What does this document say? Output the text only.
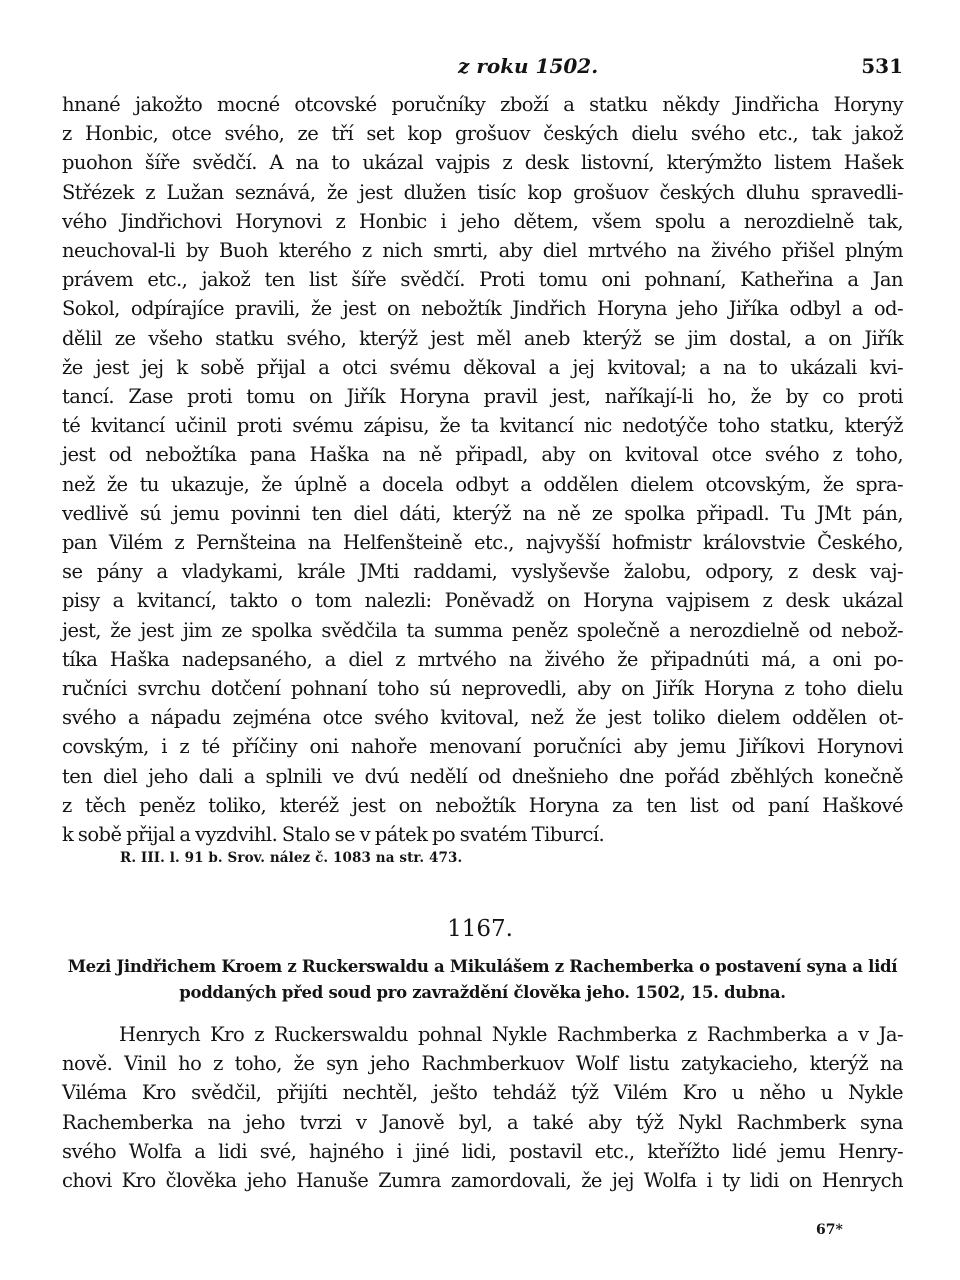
z roku 1502.	531
hnané jakožto mocné otcovské poručníky zboží a statku někdy Jindřicha Horyny
z Honbic, otce svého, ze tří set kop grošuov českých dielu svého etc., tak jakož
puohon šíře svědčí. A na to ukázal vajpis z desk listovní, kterýmžto listem Hašek
Střézek z Lužan seznává, že jest dlužen tisíc kop grošuov českých dluhu spravedli-
vého Jindřichovi Horynovi z Honbic i jeho dětem, všem spolu a nerozdielně tak,
neuchoval-li by Buoh kterého z nich smrti, aby diel mrtvého na živého přišel plným
právem etc., jakož ten list šíře svědčí. Proti tomu oni pohnaní, Katheřina a Jan
Sokol, odpírajíce pravili, že jest on nebožtík Jindřich Horyna jeho Jiříka odbyl a od-
dělil ze všeho statku svého, kterýž jest měl aneb kterýž se jim dostal, a on Jiřík
že jest jej k sobě přijal a otci svému děkoval a jej kvitoval; a na to ukázali kvi-
tancí. Zase proti tomu on Jiřík Horyna pravil jest, naříkají-li ho, že by co proti
té kvitancí učinil proti svému zápisu, že ta kvitancí nic nedotýče toho statku, kterýž
jest od nebožtíka pana Haška na ně připadl, aby on kvitoval otce svého z toho,
než že tu ukazuje, že úplně a docela odbyt a oddělen dielem otcovským, že spra-
vedlivě sú jemu povinni ten diel dáti, kterýž na ně ze spolka připadl. Tu JMt pán,
pan Vilém z Pernšteina na Helfenšteině etc., najvyšší hofmistr královstvie Českého,
se pány a vladykami, krále JMti raddami, vyslyševše žalobu, odpory, z desk vaj-
pisy a kvitancí, takto o tom nalezli: Poněvadž on Horyna vajpisem z desk ukázal
jest, že jest jim ze spolka svědčila ta summa peněz společně a nerozdielně od nebož-
tíka Haška nadepsaného, a diel z mrtvého na živého že připadnúti má, a oni po-
ručníci svrchu dotčení pohnaní toho sú neprovedli, aby on Jiřík Horyna z toho dielu
svého a nápadu zejména otce svého kvitoval, než že jest toliko dielem oddělen ot-
covským, i z té příčiny oni nahoře menovaní poručníci aby jemu Jiříkovi Horynovi
ten diel jeho dali a splnili ve dvú nedělí od dnešnieho dne pořád zběhlých konečně
z těch peněz toliko, kteréž jest on nebožtík Horyna za ten list od paní Haškové
k sobě přijal a vyzdvihl. Stalo se v pátek po svatém Tiburcí.

R. III. l. 91 b. Srov. nález č. 1083 na str. 473.

1167.

Mezi Jindřichem Kroem z Ruckerswaldu a Mikulášem z Rachemberka o postavení syna a lidí
poddaných před soud pro zavraždění člověka jeho. 1502, 15. dubna.
Henrych Kro z Ruckerswaldu pohnal Nykle Rachmberka z Rachmberka a v Ja-
nově. Vinil ho z toho, že syn jeho Rachmberkuov Wolf listu zatykacieho, kterýž na
Viléma Kro svědčil, přijíti nechtěl, ješto tehdáž týž Vilém Kro u něho u Nykle
Rachemberka na jeho tvrzi v Janově byl, a také aby týž Nykl Rachmberk syna
svého Wolfa a lidi své, hajného i jiné lidi, postavil etc., kteřížto lidé jemu Henry-
chovi Kro člověka jeho Hanuše Zumra zamordovali, že jej Wolfa i ty lidi on Henrych

67*
